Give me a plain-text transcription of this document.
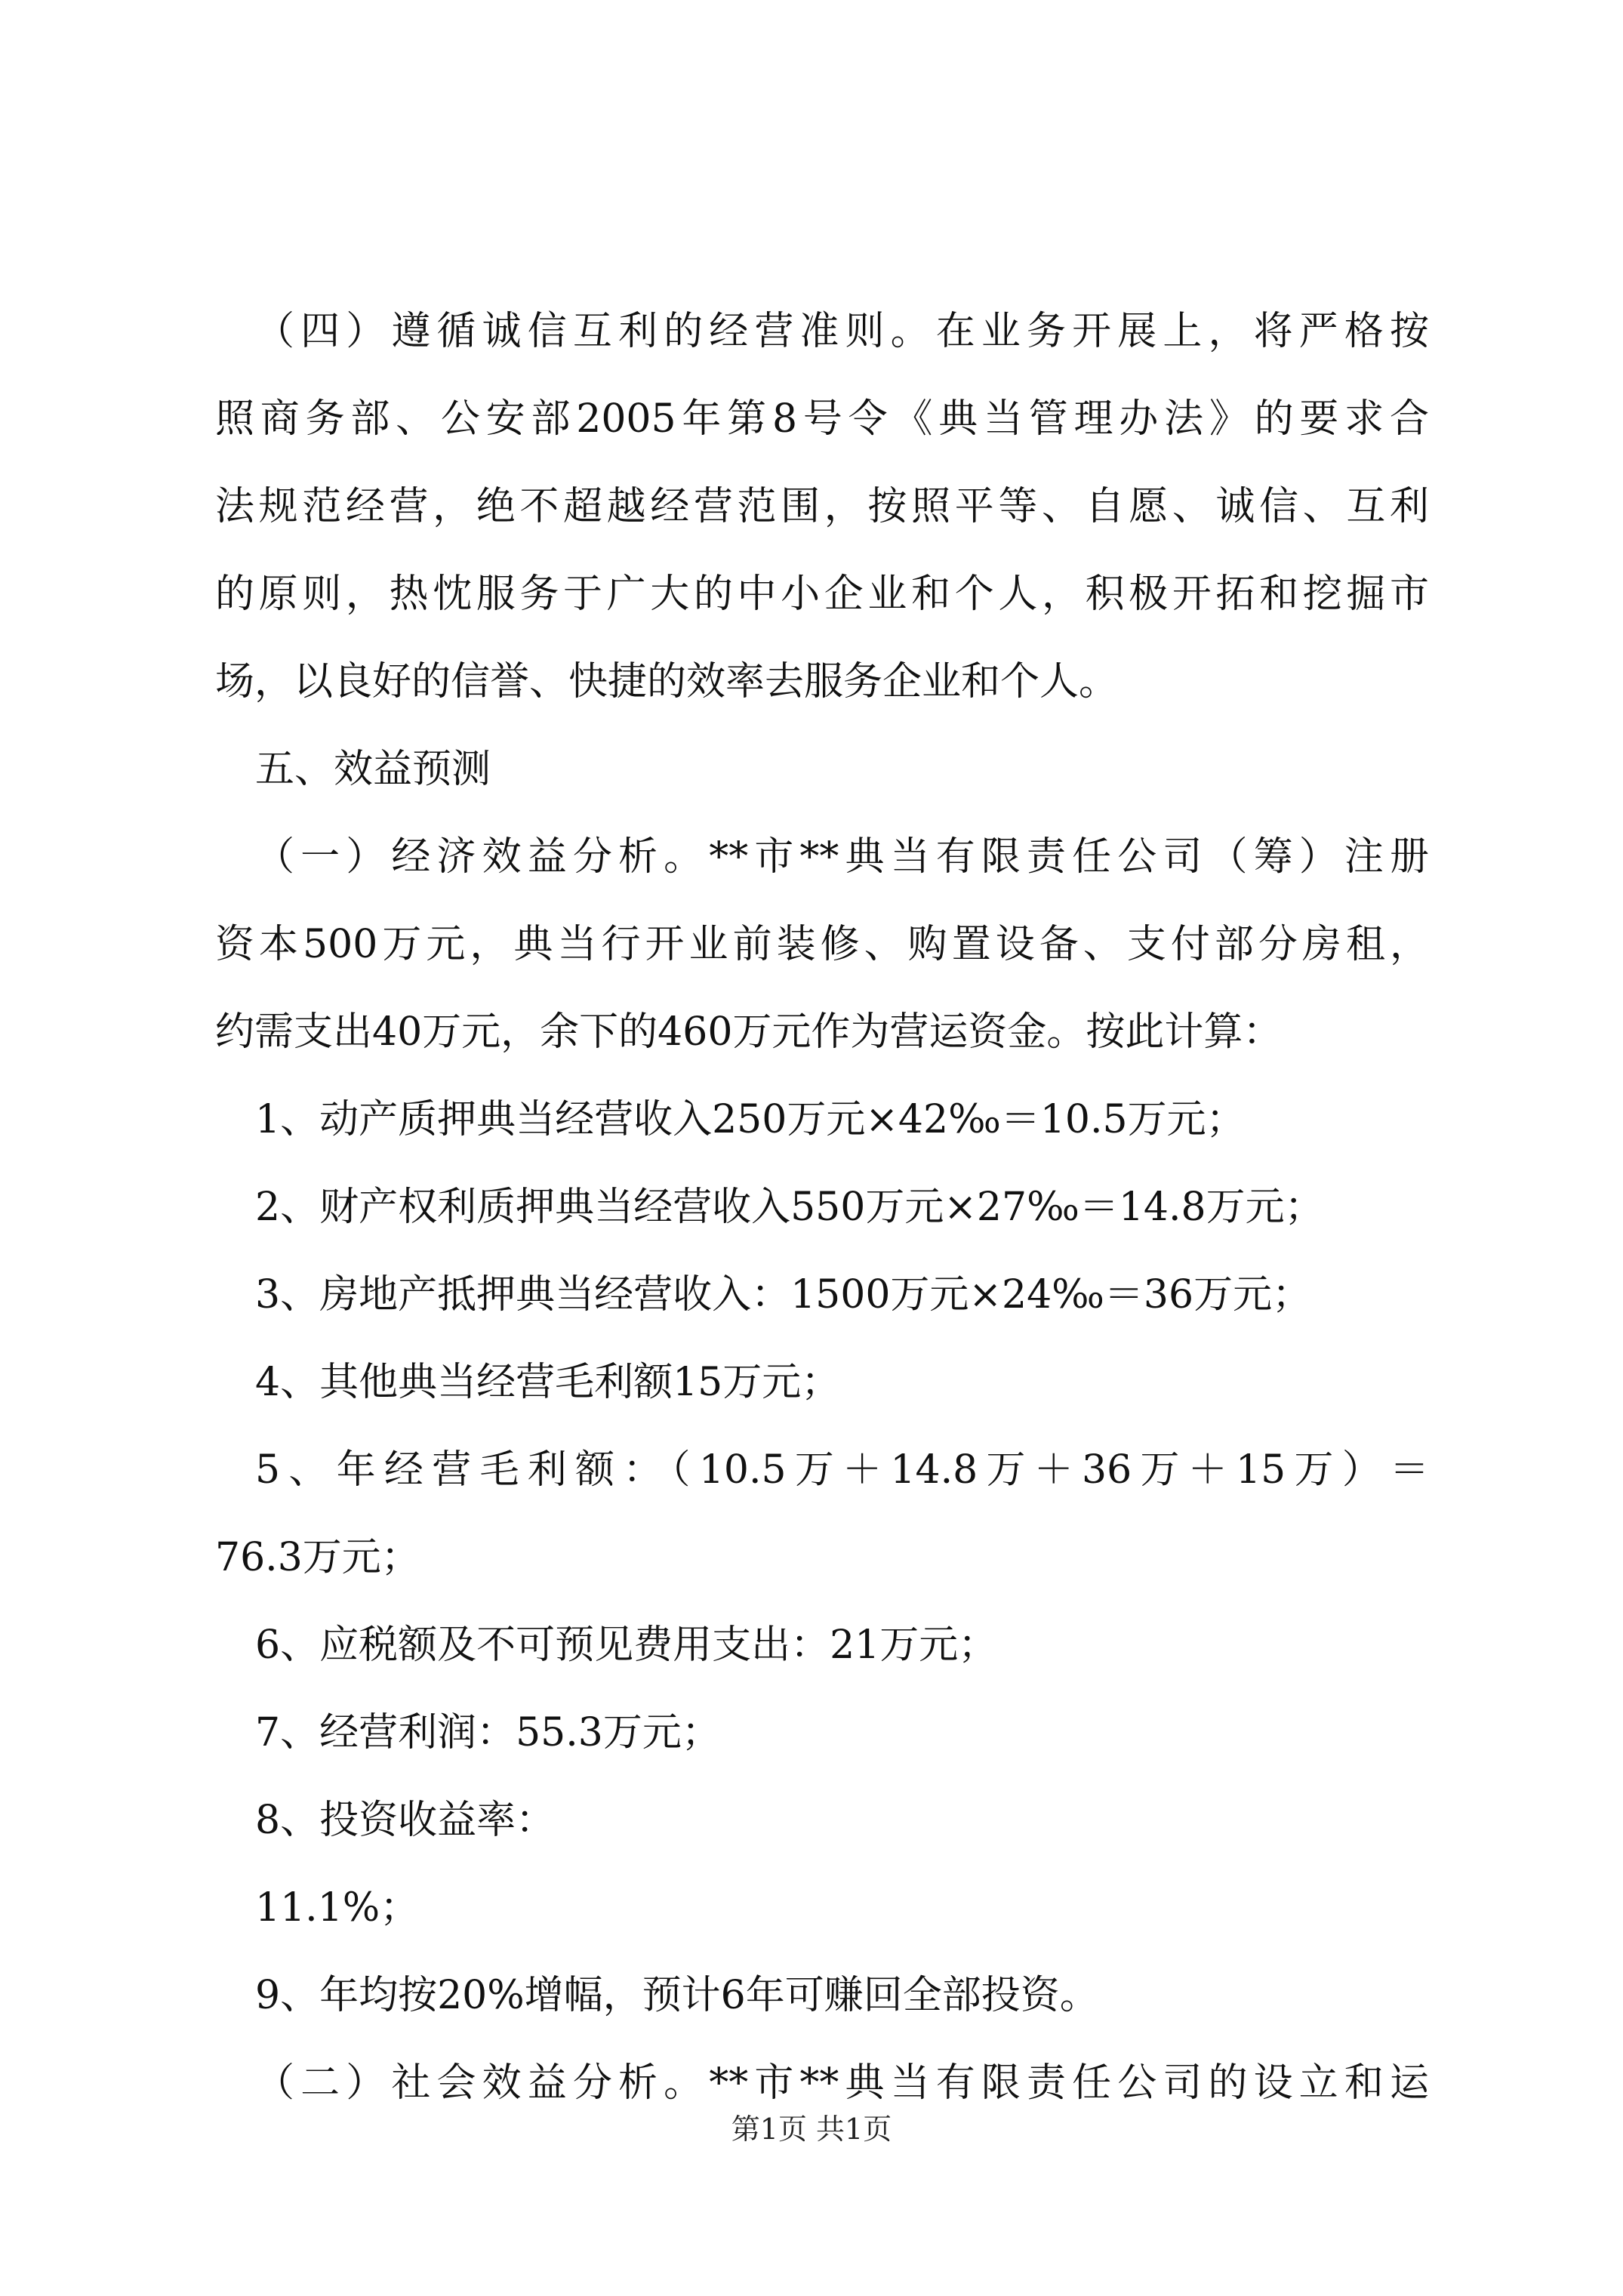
（四）遵循诚信互利的经营准则。在业务开展上，将严格按
照商务部、公安部2005年第8号令《典当管理办法》的要求合
法规范经营，绝不超越经营范围，按照平等、自愿、诚信、互利
的原则，热忱服务于广大的中小企业和个人，积极开拓和挖掘市
场，以良好的信誉、快捷的效率去服务企业和个人。
五、效益预测
（一）经济效益分析。**市**典当有限责任公司（筹）注册
资本500万元，典当行开业前装修、购置设备、支付部分房租，
约需支出40万元，余下的460万元作为营运资金。按此计算：
1、动产质押典当经营收入250万元×42‰＝10.5万元；
2、财产权利质押典当经营收入550万元×27‰＝14.8万元；
3、房地产抵押典当经营收入：1500万元×24‰＝36万元；
4、其他典当经营毛利额15万元；
5、年经营毛利额：（10.5万＋14.8万＋36万＋15万）＝
76.3万元；
6、应税额及不可预见费用支出：21万元；
7、经营利润：55.3万元；
8、投资收益率：
11.1%；
9、年均按20%增幅，预计6年可赚回全部投资。
（二）社会效益分析。**市**典当有限责任公司的设立和运
第1页 共1页
